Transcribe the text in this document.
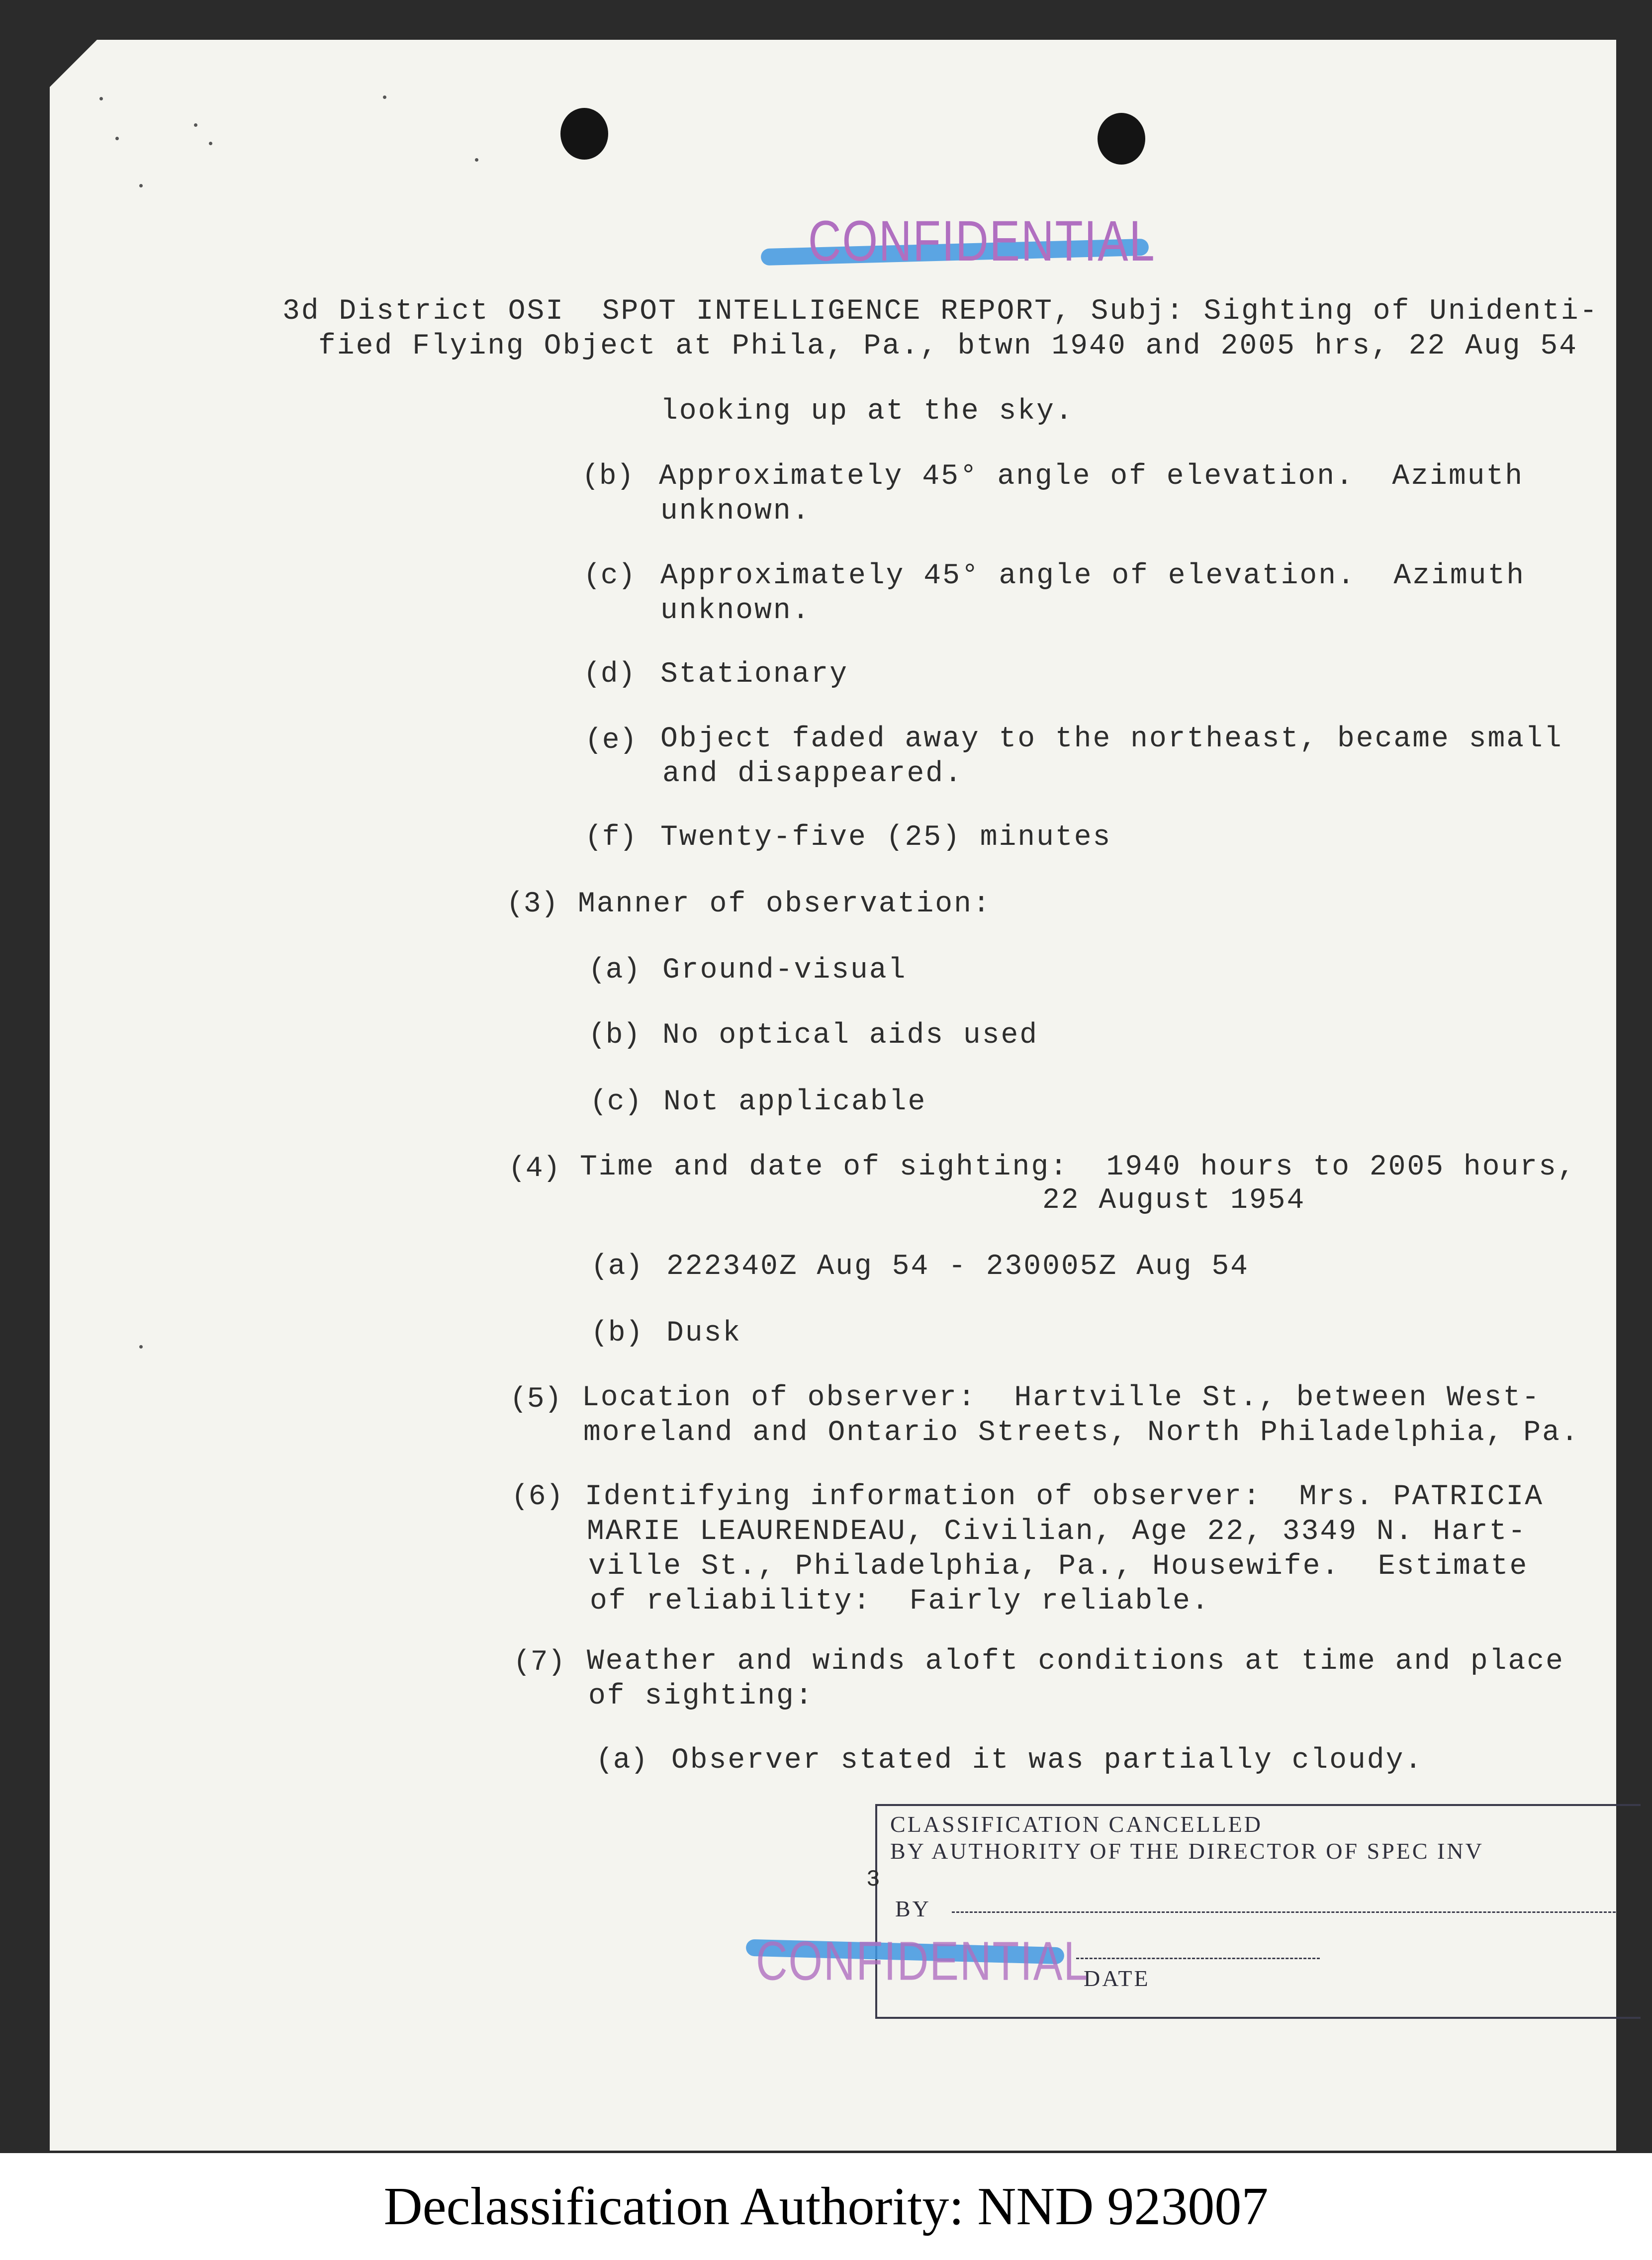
CONFIDENTIAL
3d District OSI  SPOT INTELLIGENCE REPORT, Subj: Sighting of Unidenti-
fied Flying Object at Phila, Pa., btwn 1940 and 2005 hrs, 22 Aug 54
looking up at the sky.
(b) Approximately 45° angle of elevation.  Azimuth
unknown.
(c) Approximately 45° angle of elevation.  Azimuth
unknown.
(d) Stationary
(e) Object faded away to the northeast, became small
and disappeared.
(f) Twenty-five (25) minutes
(3) Manner of observation:
(a) Ground-visual
(b) No optical aids used
(c) Not applicable
(4) Time and date of sighting:  1940 hours to 2005 hours,
22 August 1954
(a) 222340Z Aug 54 - 230005Z Aug 54
(b) Dusk
(5) Location of observer:  Hartville St., between West-
moreland and Ontario Streets, North Philadelphia, Pa.
(6) Identifying information of observer:  Mrs. PATRICIA
MARIE LEAURENDEAU, Civilian, Age 22, 3349 N. Hart-
ville St., Philadelphia, Pa., Housewife.  Estimate
of reliability:  Fairly reliable.
(7) Weather and winds aloft conditions at time and place
of sighting:
(a) Observer stated it was partially cloudy.
CLASSIFICATION CANCELLED
BY AUTHORITY OF THE DIRECTOR OF SPEC INV
BY
DATE
3
CONFIDENTIAL
Declassification Authority: NND 923007
